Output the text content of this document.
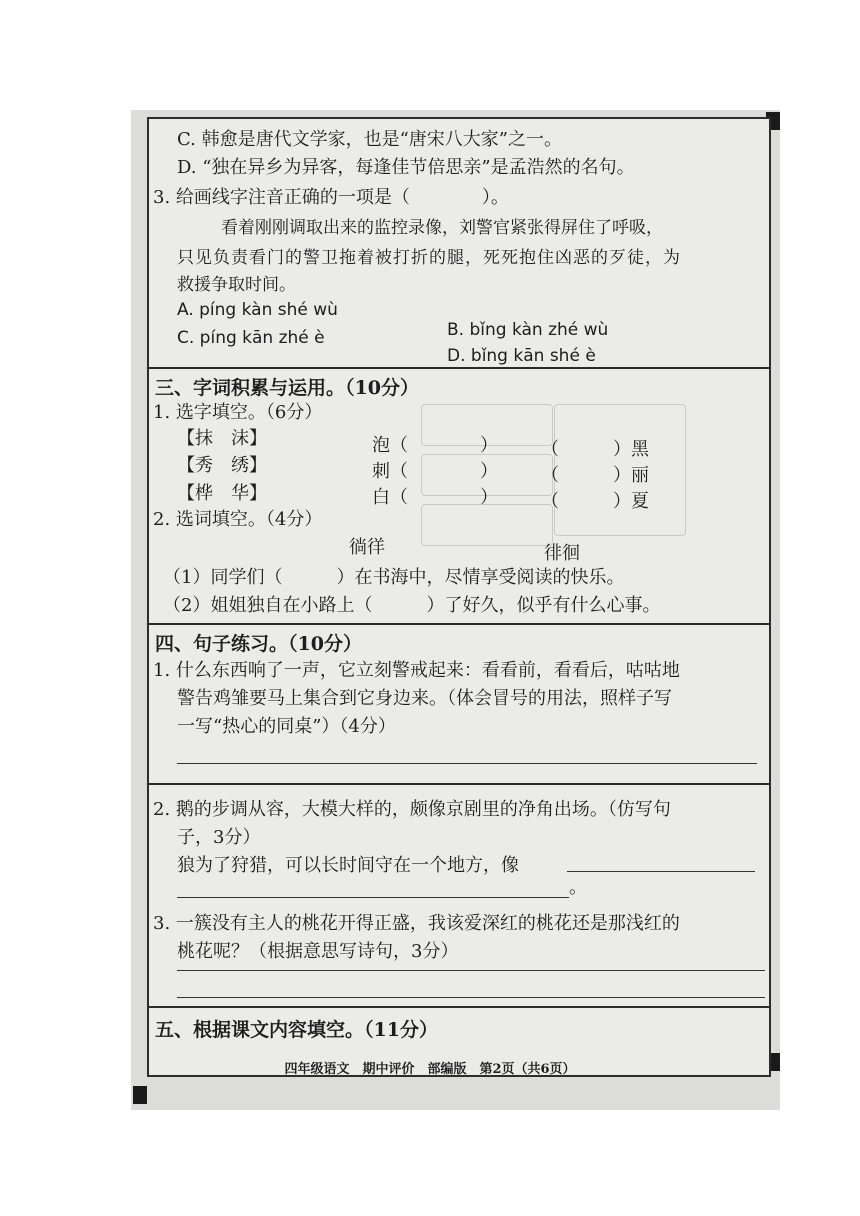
C. 韩愈是唐代文学家，也是“唐宋八大家”之一。
D. “独在异乡为异客，每逢佳节倍思亲”是孟浩然的名句。
3. 给画线字注音正确的一项是（　　　　）。
看着刚刚调取出来的监控录像，刘警官紧张得屏住了呼吸，
只见负责看门的警卫拖着被打折的腿，死死抱住凶恶的歹徒，为
救援争取时间。
A. píng kàn shé wù
C. píng kān zhé è	B. bǐng kàn zhé wù
D. bǐng kān shé è
三、字词积累与运用。（10分）
1. 选字填空。（6分）
【抹　沫】
【秀　绣】
【桦　华】
泡（　　　　）
刺（　　　　）
白（　　　　）
（　　　）黑
（　　　）丽
（　　　）夏
2. 选词填空。（4分）
徜徉	徘徊
（1）同学们（　　　）在书海中，尽情享受阅读的快乐。
（2）姐姐独自在小路上（　　　）了好久，似乎有什么心事。
四、句子练习。（10分）
1. 什么东西响了一声，它立刻警戒起来：看看前，看看后，咕咕地
警告鸡雏要马上集合到它身边来。（体会冒号的用法，照样子写
一写“热心的同桌”）（4分）
2. 鹅的步调从容，大模大样的，颇像京剧里的净角出场。（仿写句
子，3分）
狼为了狩猎，可以长时间守在一个地方，像
。
3. 一簇没有主人的桃花开得正盛，我该爱深红的桃花还是那浅红的
桃花呢？（根据意思写诗句，3分）
五、根据课文内容填空。（11分）
四年级语文　期中评价　部编版　第2页（共6页）
